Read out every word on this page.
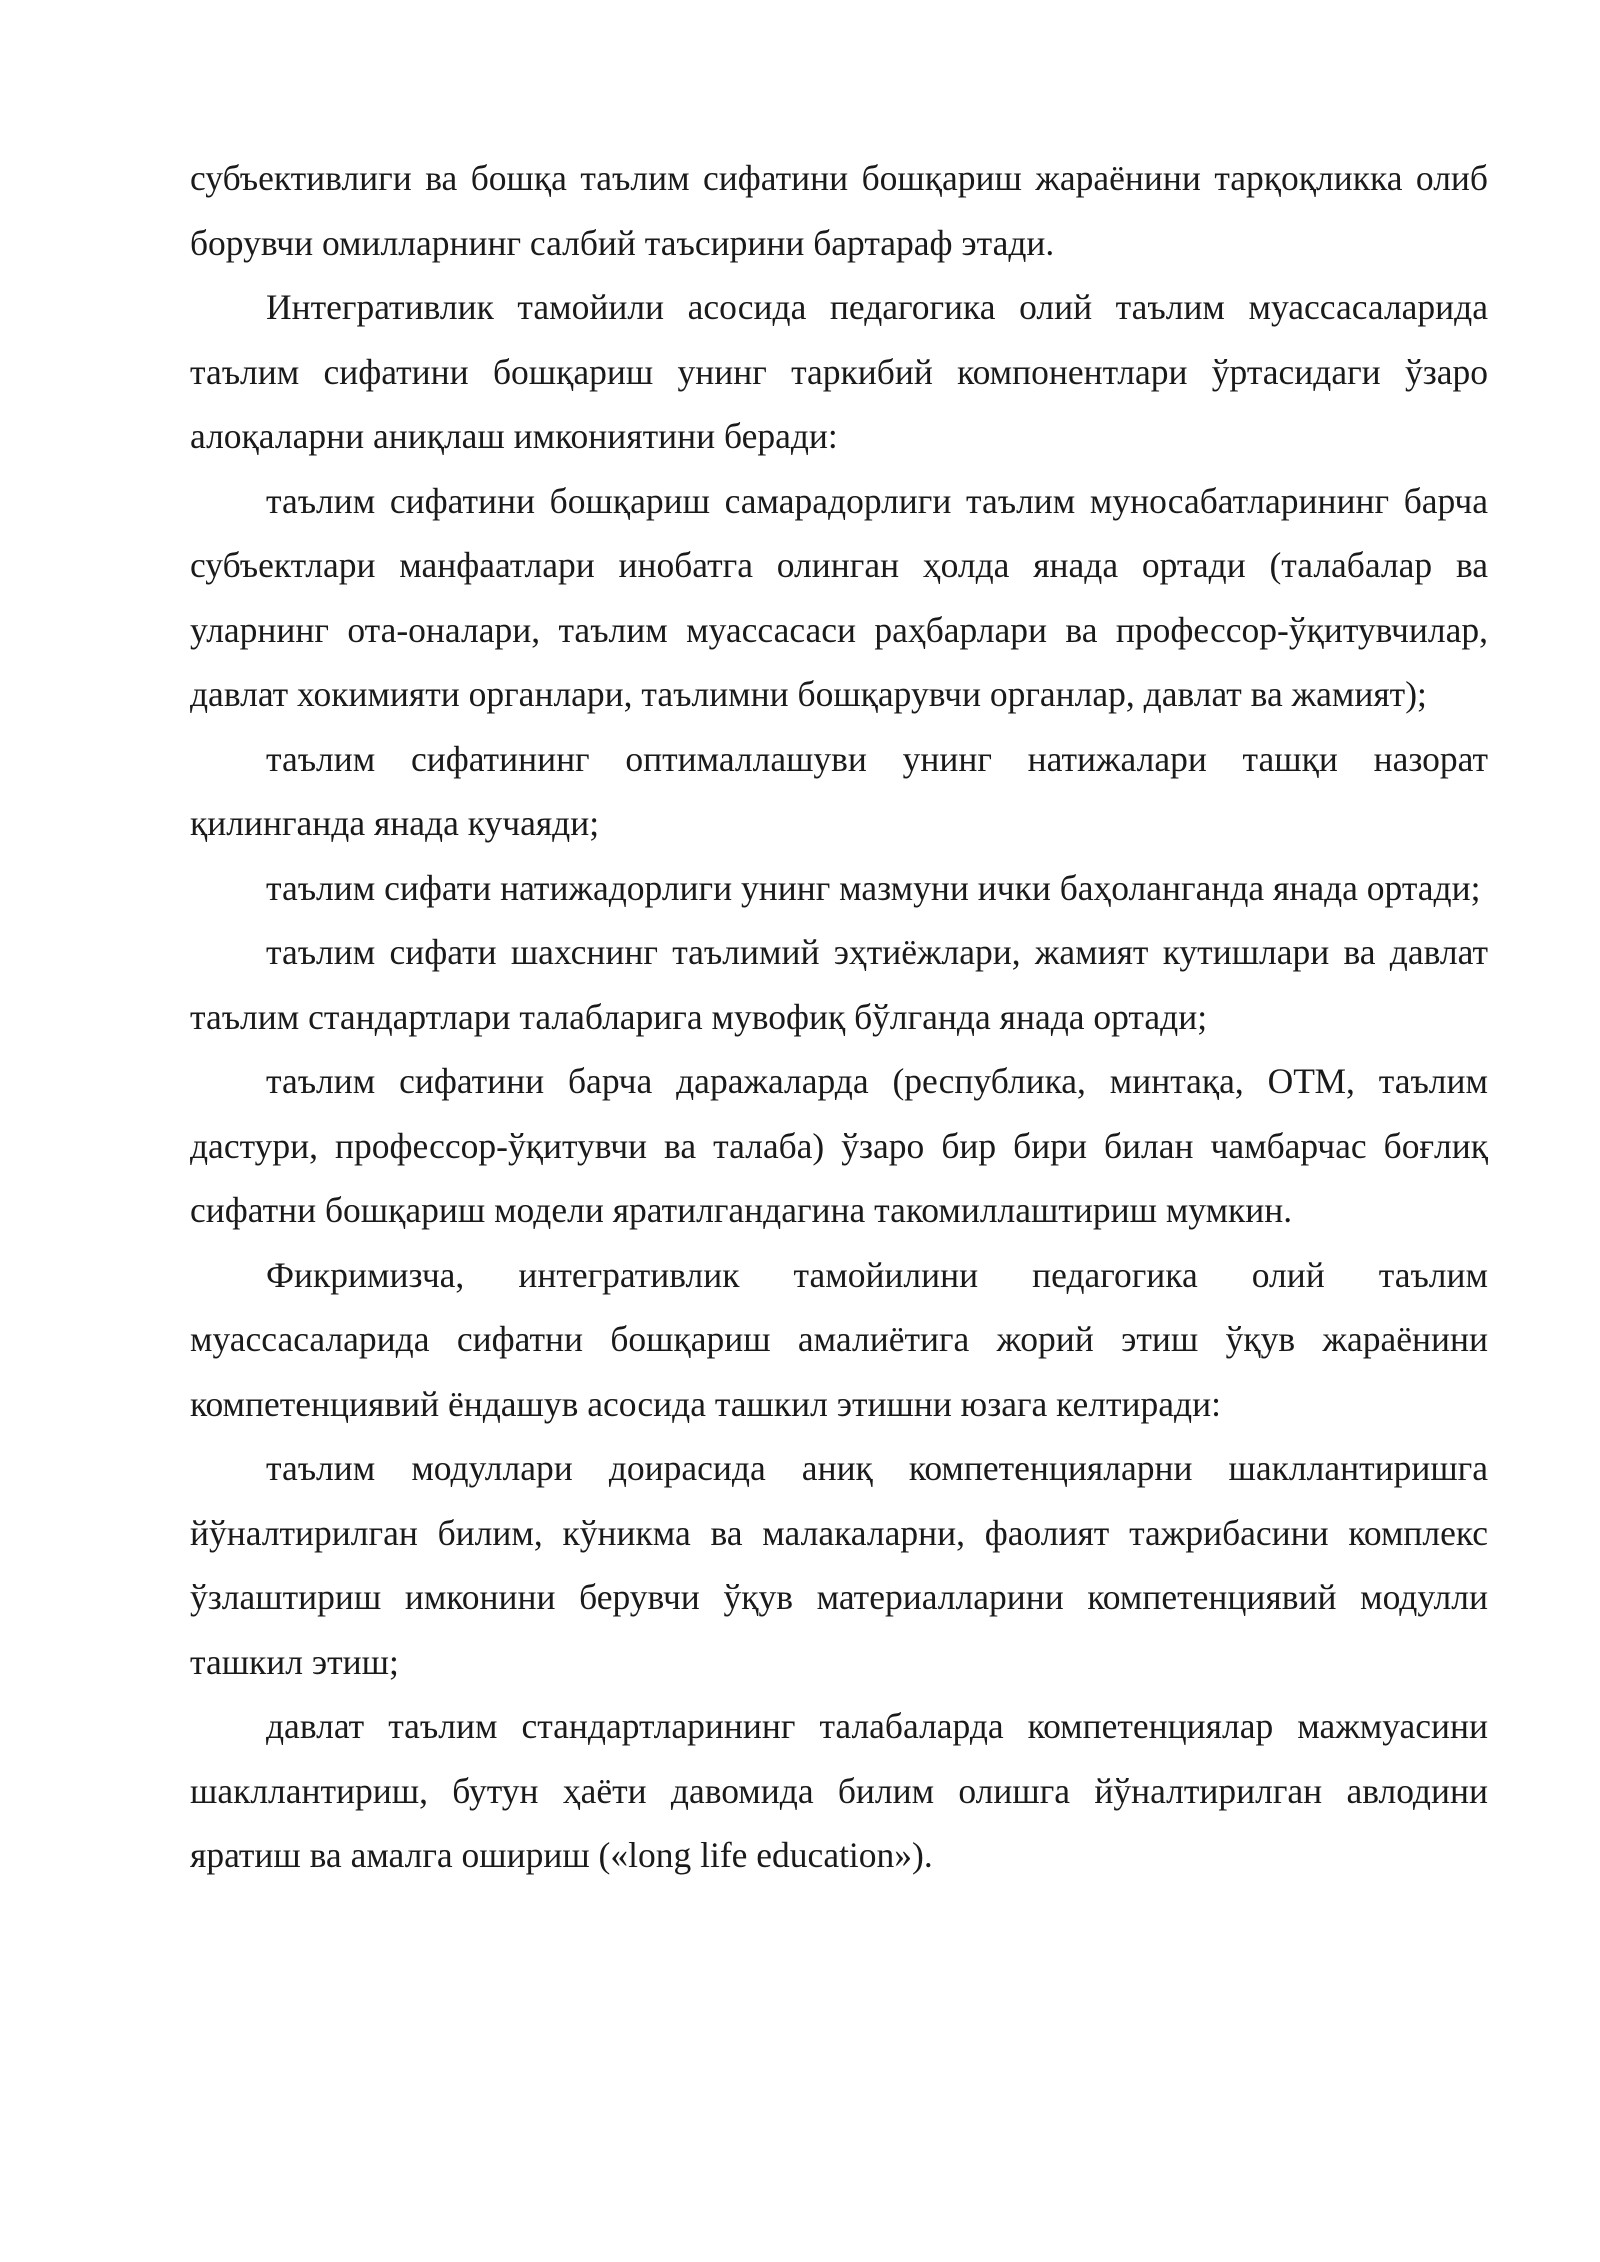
субъективлиги ва бошқа таълим сифатини бошқариш жараёнини тарқоқликка олиб борувчи омилларнинг салбий таъсирини бартараф этади.

Интегративлик тамойили асосида педагогика олий таълим муассасаларида таълим сифатини бошқариш унинг таркибий компонентлари ўртасидаги ўзаро алоқаларни аниқлаш имкониятини беради:

таълим сифатини бошқариш самарадорлиги таълим муносабатларининг барча субъектлари манфаатлари инобатга олинган ҳолда янада ортади (талабалар ва уларнинг ота-оналари, таълим муассасаси раҳбарлари ва профессор-ўқитувчилар, давлат хокимияти органлари, таълимни бошқарувчи органлар, давлат ва жамият);

таълим сифатининг оптималлашуви унинг натижалари ташқи назорат қилинганда янада кучаяди;

таълим сифати натижадорлиги унинг мазмуни ички баҳоланганда янада ортади;

таълим сифати шахснинг таълимий эҳтиёжлари, жамият кутишлари ва давлат таълим стандартлари талабларига мувофиқ бўлганда янада ортади;

таълим сифатини барча даражаларда (республика, минтақа, ОТМ, таълим дастури, профессор-ўқитувчи ва талаба) ўзаро бир бири билан чамбарчас боғлиқ сифатни бошқариш модели яратилгандагина такомиллаштириш мумкин.

Фикримизча, интегративлик тамойилини педагогика олий таълим муассасаларида сифатни бошқариш амалиётига жорий этиш ўқув жараёнини компетенциявий ёндашув асосида ташкил этишни юзага келтиради:

таълим модуллари доирасида аниқ компетенцияларни шакллантиришга йўналтирилган билим, кўникма ва малакаларни, фаолият тажрибасини комплекс ўзлаштириш имконини берувчи ўқув материалларини компетенциявий модулли ташкил этиш;

давлат таълим стандартларининг талабаларда компетенциялар мажмуасини шакллантириш, бутун ҳаёти давомида билим олишга йўналтирилган авлодини яратиш ва амалга ошириш («long life education»).
